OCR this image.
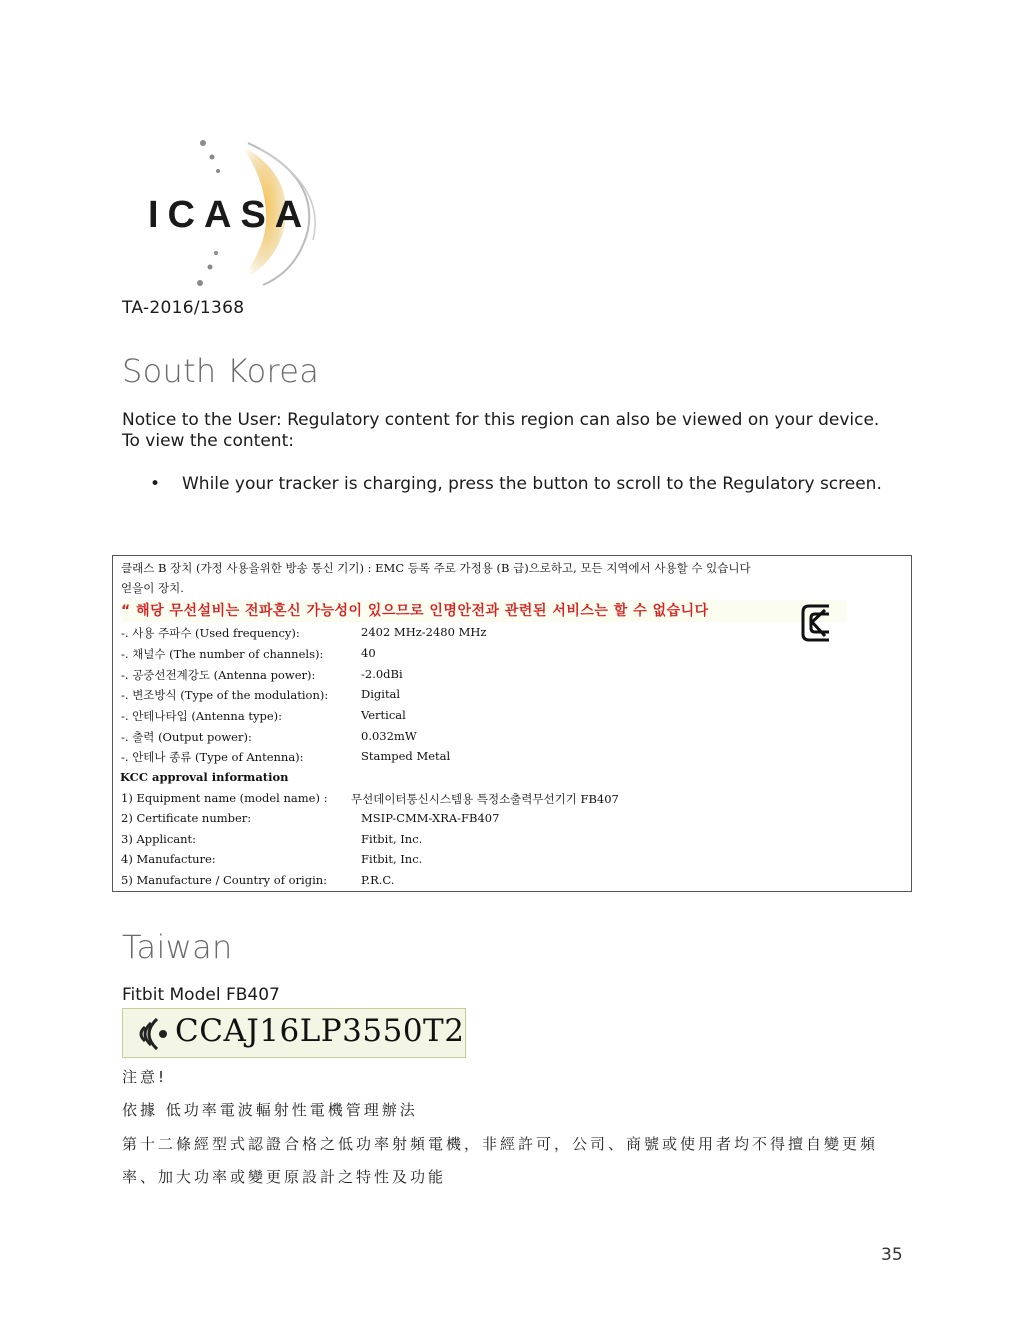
ICASA
TA-2016/1368
South Korea
Notice to the User: Regulatory content for this region can also be viewed on your device. To view the content:
• While your tracker is charging, press the button to scroll to the Regulatory screen.
클래스 B 장치 (가정 사용을위한 방송 통신 기기) : EMC 등록 주로 가정용 (B 급)으로하고, 모든 지역에서 사용할 수 있습니다
얻을이 장치.
“ 해당 무선설비는 전파혼신 가능성이 있으므로 인명안전과 관련된 서비스는 할 수 없습니다
-. 사용 주파수 (Used frequency):	2402 MHz-2480 MHz
-. 채널수 (The number of channels):	40
-. 공중선전계강도 (Antenna power):	-2.0dBi
-. 변조방식 (Type of the modulation):	Digital
-. 안테나타입 (Antenna type):	Vertical
-. 출력 (Output power):	0.032mW
-. 안테나 종류 (Type of Antenna):	Stamped Metal
KCC approval information
1) Equipment name (model name) : 무선데이터통신시스템용 특정소출력무선기기 FB407
2) Certificate number:	MSIP-CMM-XRA-FB407
3) Applicant:	Fitbit, Inc.
4) Manufacture:	Fitbit, Inc.
5) Manufacture / Country of origin:	P.R.C.
Taiwan
Fitbit Model FB407
CCAJ16LP3550T2
注意!
依據 低功率電波輻射性電機管理辦法
第十二條經型式認證合格之低功率射頻電機，非經許可，公司、商號或使用者均不得擅自變更頻
率、加大功率或變更原設計之特性及功能
35
